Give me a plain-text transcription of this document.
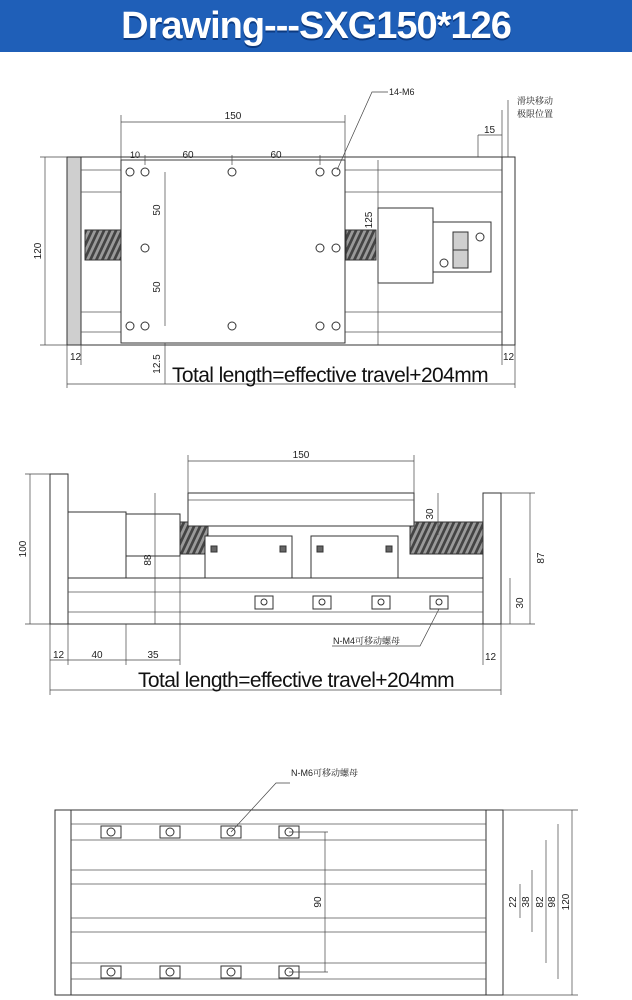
Drawing---SXG150*126
150
10	60	60
50
50
120
125
12	12
12.5
15
14-M6
滑块移动
极限位置
Total length=effective travel+204mm
150
30
100
88	87
30
12	40	35	12
N-M4可移动螺母
Total length=effective travel+204mm
N-M6可移动螺母
90	22 38 82 98 120
